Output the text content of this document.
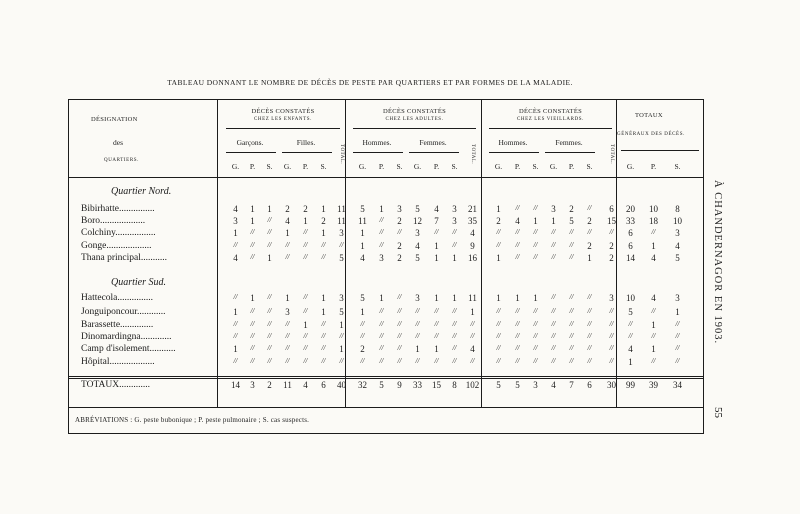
TABLEAU DONNANT LE NOMBRE DE DÉCÈS DE PESTE PAR QUARTIERS ET PAR FORMES DE LA MALADIE.
DÉSIGNATION
des
QUARTIERS.
DÉCÈS CONSTATÉS
CHEZ LES ENFANTS.
Garçons.	Filles.
TOTAL.
G.	P.	S.	G.	P.	S.
DÉCÈS CONSTATÉS
CHEZ LES ADULTES.
Hommes.	Femmes.
TOTAL.
G.	P.	S.	G.	P.	S.
DÉCÈS CONSTATÉS
CHEZ LES VIEILLARDS.
Hommes.	Femmes.
TOTAL.
G.	P.	S.	G.	P.	S.	G.	P.	S.
TOTAUX
GÉNÉRAUX DES DÉCÈS.
Quartier Nord.
Bibirhatte...............	4	1	1	2	2	1	11	5	1	3	5	4	3	21	1	//	//	3	2	//	6	20	10	8
Boro...................	3	1	//	4	1	2	11	11	//	2	12	7	3	35	2	4	1	1	5	2	15	33	18	10
Colchiny.................	1	//	//	1	//	1	3	1	//	//	3	//	//	4	//	//	//	//	//	//	//	6	//	3
Gonge...................	//	//	//	//	//	//	//	1	//	2	4	1	//	9	//	//	//	//	//	2	2	6	1	4
Thana principal...........	4	//	1	//	//	//	5	4	3	2	5	1	1	16	1	//	//	//	//	1	2	14	4	5
Quartier Sud.
Hattecola...............	//	1	//	1	//	1	3	5	1	//	3	1	1	11	1	1	1	//	//	//	3	10	4	3
Jonguiponcour............	1	//	//	3	//	1	5	1	//	//	//	//	//	1	//	//	//	//	//	//	//	5	//	1
Barassette..............	//	//	//	//	1	//	1	//	//	//	//	//	//	//	//	//	//	//	//	//	//	//	1	//
Dinomardingna.............	//	//	//	//	//	//	//	//	//	//	//	//	//	//	//	//	//	//	//	//	//	//	//	//
Camp d'isolement...........	1	//	//	//	//	//	1	2	//	//	1	1	//	4	//	//	//	//	//	//	//	4	1	//
Hôpital...................	//	//	//	//	//	//	//	//	//	//	//	//	//	//	//	//	//	//	//	//	//	1	//	//
TOTAUX.............	14	3	2	11	4	6	40	32	5	9	33	15	8	102	5	5	3	4	7	6	30	99	39	34
ABRÉVIATIONS : G. peste bubonique ; P. peste pulmonaire ; S. cas suspects.
À CHANDERNAGOR EN 1903.
55
